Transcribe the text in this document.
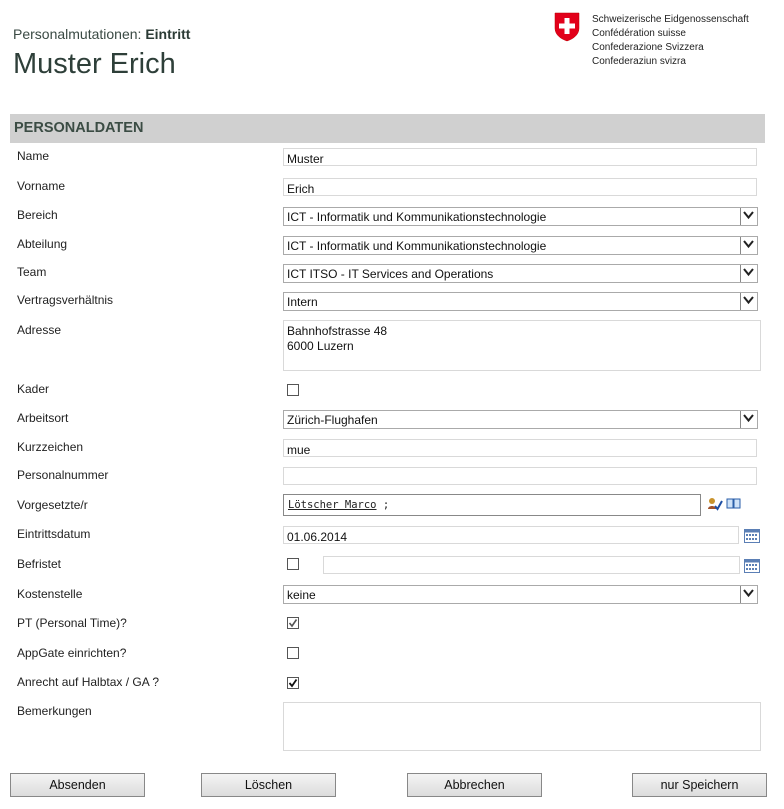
Personalmutationen: Eintritt
Muster Erich
Schweizerische Eidgenossenschaft
Confédération suisse
Confederazione Svizzera
Confederaziun svizra
PERSONALDATEN
Name	Muster
Vorname	Erich
Bereich	ICT - Informatik und Kommunikationstechnologie
Abteilung	ICT - Informatik und Kommunikationstechnologie
Team	ICT ITSO - IT Services and Operations
Vertragsverhältnis	Intern
Adresse	Bahnhofstrasse 48
6000 Luzern
Kader
Arbeitsort	Zürich-Flughafen
Kurzzeichen	mue
Personalnummer
Vorgesetzte/r	Lötscher Marco ;
Eintrittsdatum	01.06.2014
Befristet
Kostenstelle	keine
PT (Personal Time)?
AppGate einrichten?
Anrecht auf Halbtax / GA ?
Bemerkungen
Absenden	Löschen	Abbrechen	nur Speichern
